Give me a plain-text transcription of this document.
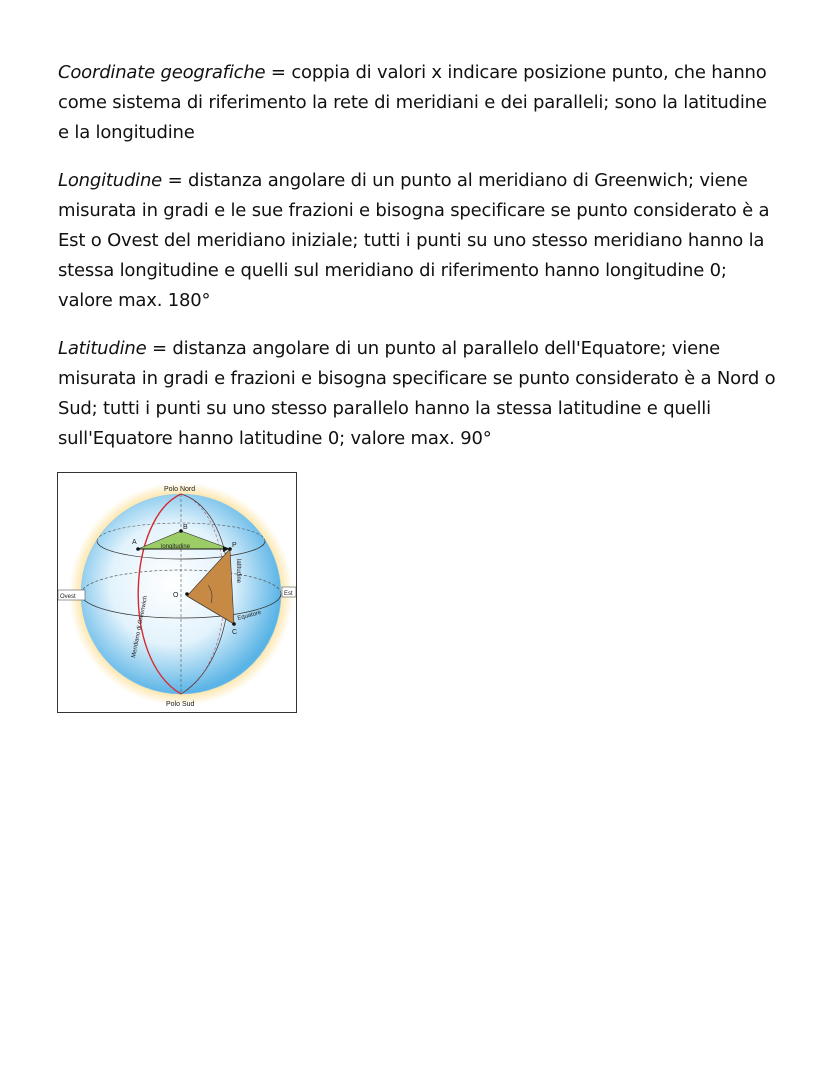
Coordinate geografiche = coppia di valori x indicare posizione punto, che hanno come sistema di riferimento la rete di meridiani e dei paralleli; sono la latitudine e la longitudine

Longitudine = distanza angolare di un punto al meridiano di Greenwich; viene misurata in gradi e le sue frazioni e bisogna specificare se punto considerato è a Est o Ovest del meridiano iniziale; tutti i punti su uno stesso meridiano hanno la stessa longitudine e quelli sul meridiano di riferimento hanno longitudine 0; valore max. 180°

Latitudine = distanza angolare di un punto al parallelo dell'Equatore; viene misurata in gradi e frazioni e bisogna specificare se punto considerato è a Nord o Sud; tutti i punti su uno stesso parallelo hanno la stessa latitudine e quelli sull'Equatore hanno latitudine 0; valore max. 90°

Polo Nord
Polo Sud
Ovest	Est
A
B
P
O
C
longitudine
latitudine
Equatore
Meridiano di Greenwich
